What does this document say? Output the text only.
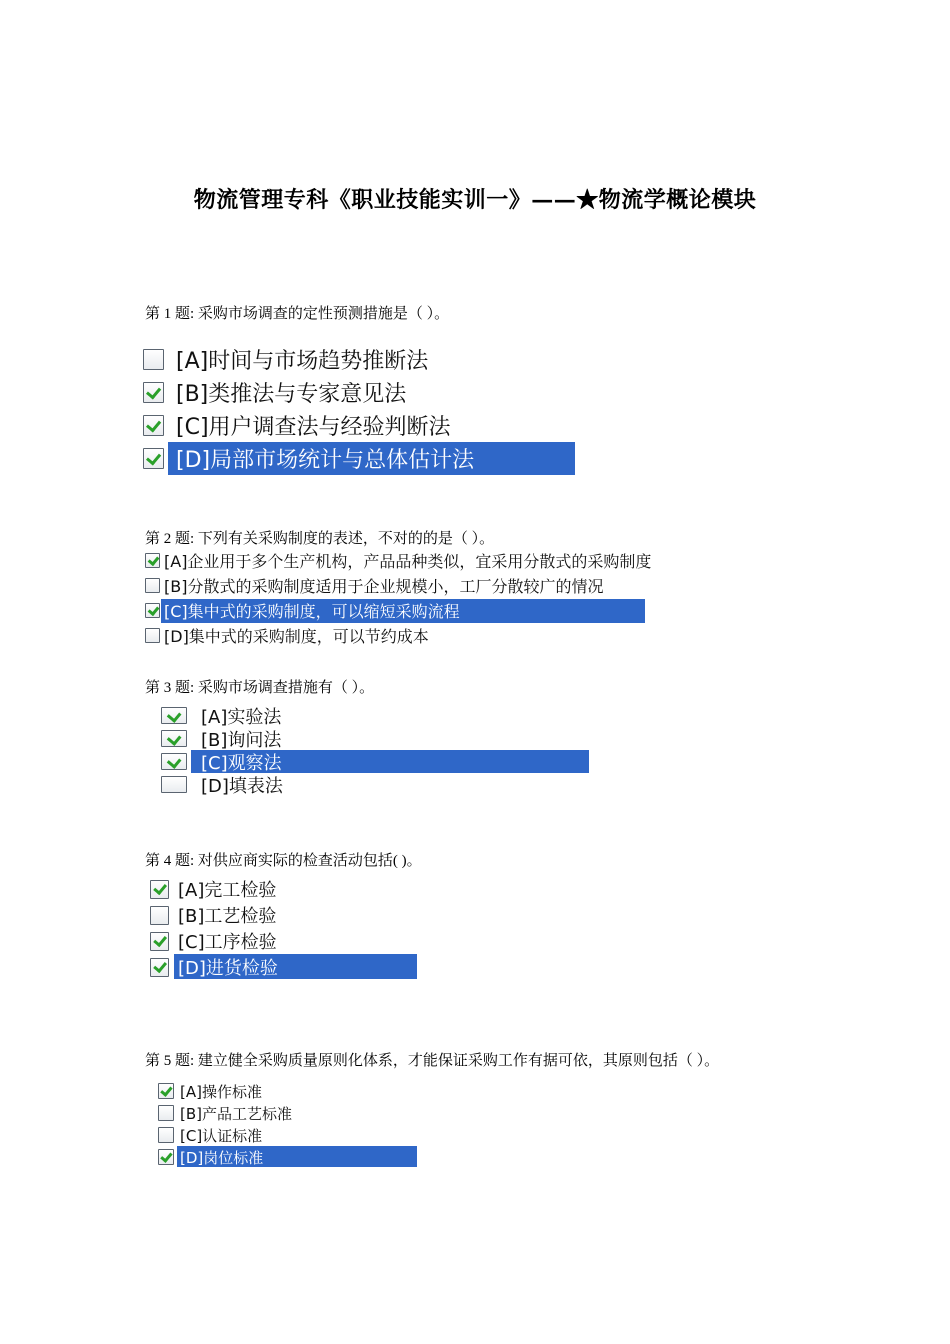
物流管理专科《职业技能实训一》——★物流学概论模块
第 1 题: 采购市场调查的定性预测措施是（ ）。
[A]时间与市场趋势推断法
[B]类推法与专家意见法
[C]用户调查法与经验判断法
[D]局部市场统计与总体估计法
第 2 题: 下列有关采购制度的表述，不对的的是（ ）。
[A]企业用于多个生产机构，产品品种类似，宜采用分散式的采购制度
[B]分散式的采购制度适用于企业规模小，工厂分散较广的情况
[C]集中式的采购制度，可以缩短采购流程
[D]集中式的采购制度，可以节约成本
第 3 题: 采购市场调查措施有（ ）。
[A]实验法
[B]询问法
[C]观察法
[D]填表法
第 4 题: 对供应商实际的检查活动包括( )。
[A]完工检验
[B]工艺检验
[C]工序检验
[D]进货检验
第 5 题: 建立健全采购质量原则化体系，才能保证采购工作有据可依，其原则包括（ ）。
[A]操作标准
[B]产品工艺标准
[C]认证标准
[D]岗位标准
